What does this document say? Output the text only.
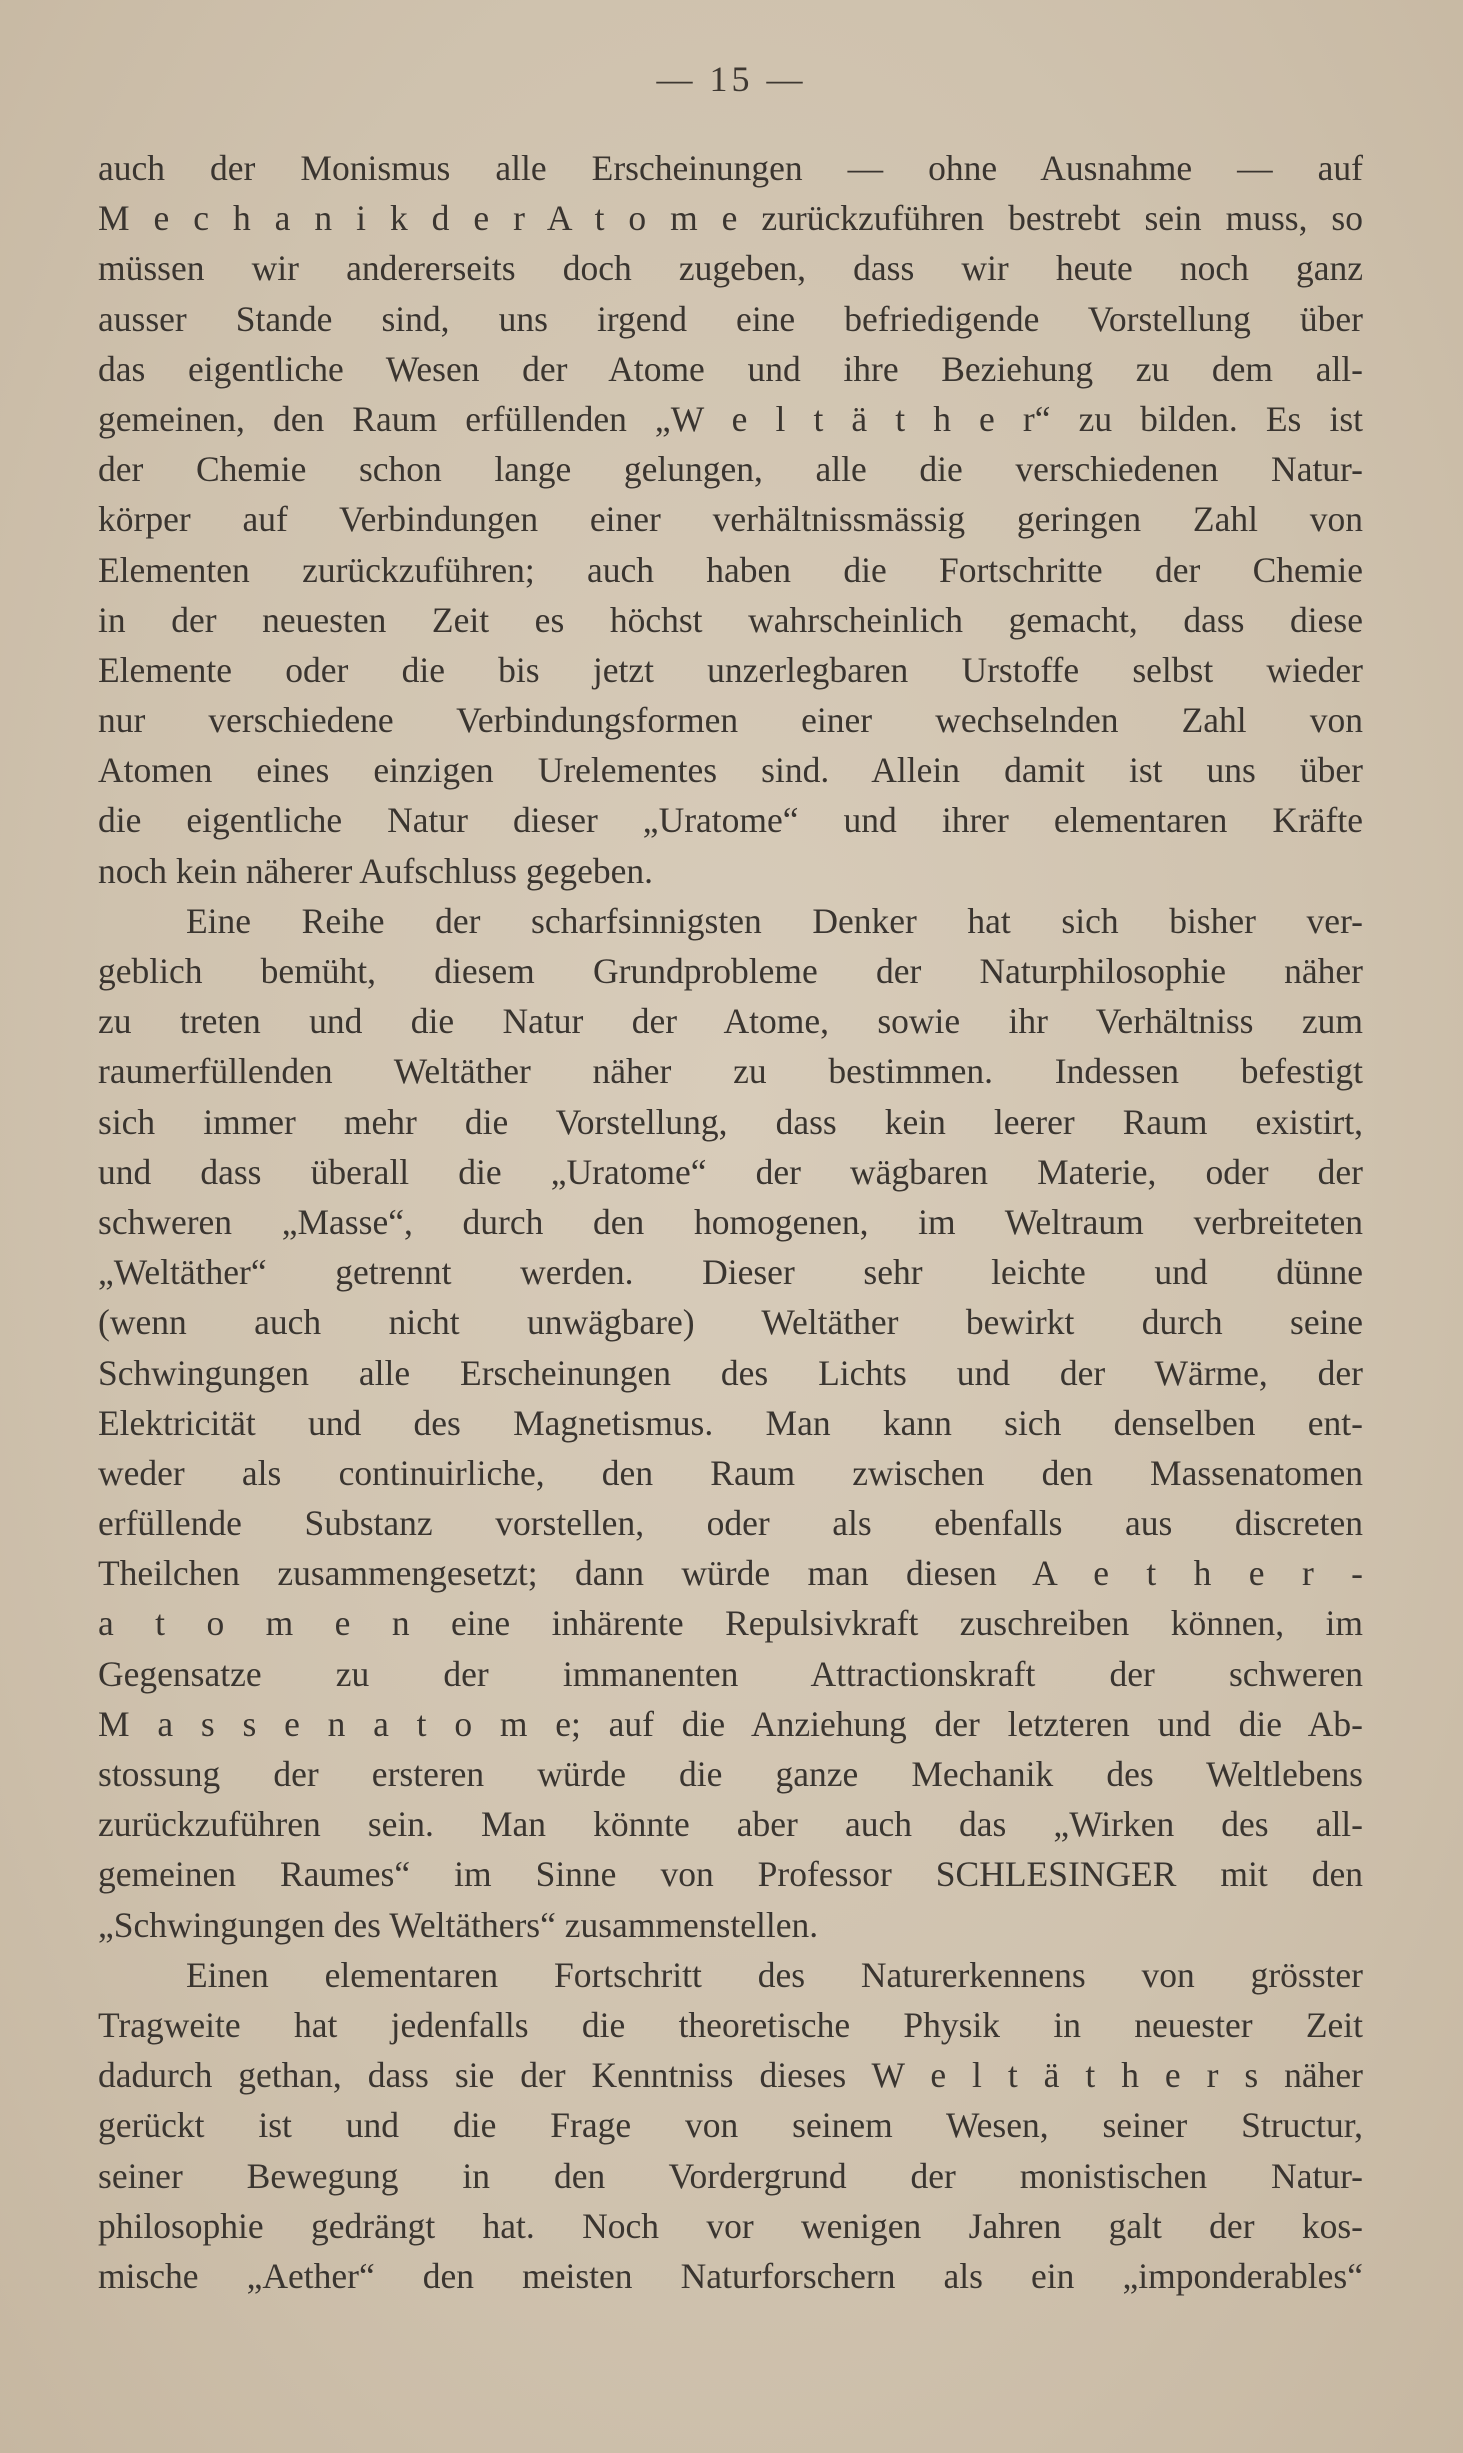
— 15 —
auch der Monismus alle Erscheinungen — ohne Ausnahme — auf
M e c h a n i k d e r A t o m e zurückzuführen bestrebt sein muss, so
müssen wir andererseits doch zugeben, dass wir heute noch ganz
ausser Stande sind, uns irgend eine befriedigende Vorstellung über
das eigentliche Wesen der Atome und ihre Beziehung zu dem all-
gemeinen, den Raum erfüllenden „W e l t ä t h e r“ zu bilden. Es ist
der Chemie schon lange gelungen, alle die verschiedenen Natur-
körper auf Verbindungen einer verhältnissmässig geringen Zahl von
Elementen zurückzuführen; auch haben die Fortschritte der Chemie
in der neuesten Zeit es höchst wahrscheinlich gemacht, dass diese
Elemente oder die bis jetzt unzerlegbaren Urstoffe selbst wieder
nur verschiedene Verbindungsformen einer wechselnden Zahl von
Atomen eines einzigen Urelementes sind. Allein damit ist uns über
die eigentliche Natur dieser „Uratome“ und ihrer elementaren Kräfte
noch kein näherer Aufschluss gegeben.
Eine Reihe der scharfsinnigsten Denker hat sich bisher ver-
geblich bemüht, diesem Grundprobleme der Naturphilosophie näher
zu treten und die Natur der Atome, sowie ihr Verhältniss zum
raumerfüllenden Weltäther näher zu bestimmen. Indessen befestigt
sich immer mehr die Vorstellung, dass kein leerer Raum existirt,
und dass überall die „Uratome“ der wägbaren Materie, oder der
schweren „Masse“, durch den homogenen, im Weltraum verbreiteten
„Weltäther“ getrennt werden. Dieser sehr leichte und dünne
(wenn auch nicht unwägbare) Weltäther bewirkt durch seine
Schwingungen alle Erscheinungen des Lichts und der Wärme, der
Elektricität und des Magnetismus. Man kann sich denselben ent-
weder als continuirliche, den Raum zwischen den Massenatomen
erfüllende Substanz vorstellen, oder als ebenfalls aus discreten
Theilchen zusammengesetzt; dann würde man diesen A e t h e r -
a t o m e n eine inhärente Repulsivkraft zuschreiben können, im
Gegensatze zu der immanenten Attractionskraft der schweren
M a s s e n a t o m e; auf die Anziehung der letzteren und die Ab-
stossung der ersteren würde die ganze Mechanik des Weltlebens
zurückzuführen sein. Man könnte aber auch das „Wirken des all-
gemeinen Raumes“ im Sinne von Professor SCHLESINGER mit den
„Schwingungen des Weltäthers“ zusammenstellen.
Einen elementaren Fortschritt des Naturerkennens von grösster
Tragweite hat jedenfalls die theoretische Physik in neuester Zeit
dadurch gethan, dass sie der Kenntniss dieses W e l t ä t h e r s näher
gerückt ist und die Frage von seinem Wesen, seiner Structur,
seiner Bewegung in den Vordergrund der monistischen Natur-
philosophie gedrängt hat. Noch vor wenigen Jahren galt der kos-
mische „Aether“ den meisten Naturforschern als ein „imponderables“
